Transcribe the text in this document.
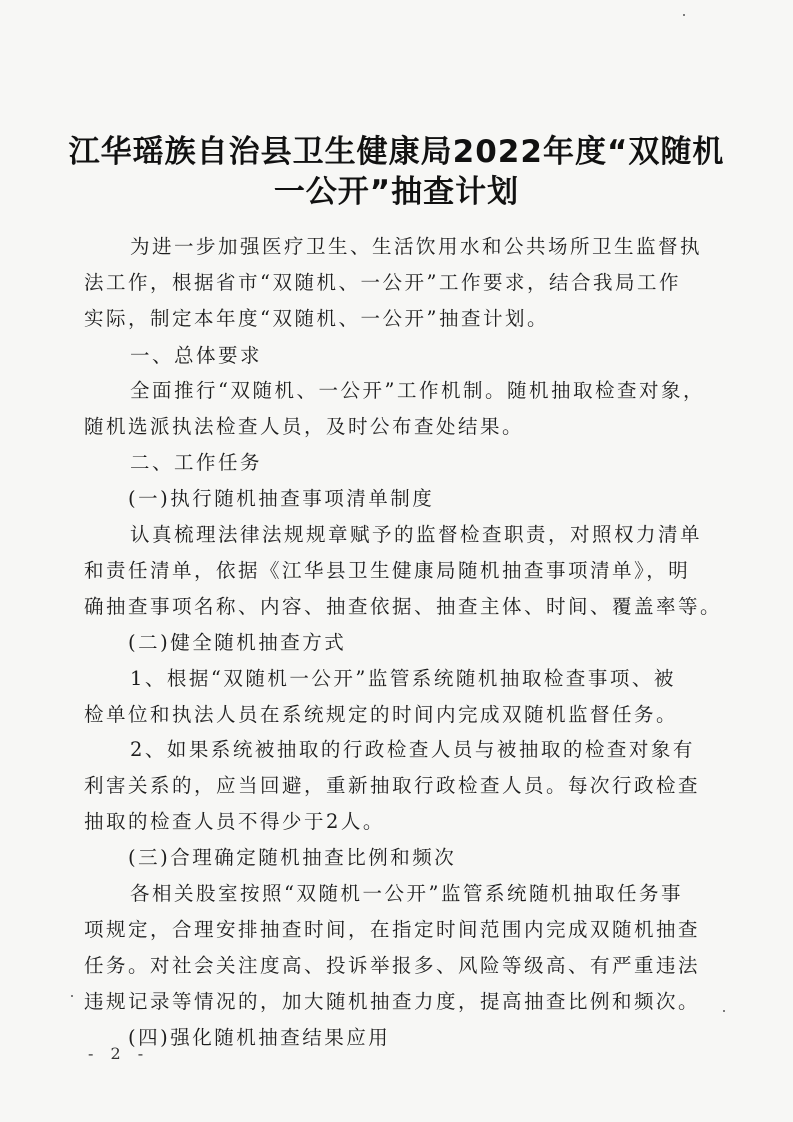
江华瑶族自治县卫生健康局2022年度“双随机
一公开”抽查计划
为进一步加强医疗卫生、生活饮用水和公共场所卫生监督执
法工作，根据省市“双随机、一公开”工作要求，结合我局工作
实际，制定本年度“双随机、一公开”抽查计划。
一、总体要求
全面推行“双随机、一公开”工作机制。随机抽取检查对象，
随机选派执法检查人员，及时公布查处结果。
二、工作任务
(一)执行随机抽查事项清单制度
认真梳理法律法规规章赋予的监督检查职责，对照权力清单
和责任清单，依据《江华县卫生健康局随机抽查事项清单》，明
确抽查事项名称、内容、抽查依据、抽查主体、时间、覆盖率等。
(二)健全随机抽查方式
1、根据“双随机一公开”监管系统随机抽取检查事项、被
检单位和执法人员在系统规定的时间内完成双随机监督任务。
2、如果系统被抽取的行政检查人员与被抽取的检查对象有
利害关系的，应当回避，重新抽取行政检查人员。每次行政检查
抽取的检查人员不得少于2人。
(三)合理确定随机抽查比例和频次
各相关股室按照“双随机一公开”监管系统随机抽取任务事
项规定，合理安排抽查时间，在指定时间范围内完成双随机抽查
任务。对社会关注度高、投诉举报多、风险等级高、有严重违法
违规记录等情况的，加大随机抽查力度，提高抽查比例和频次。
(四)强化随机抽查结果应用
- 2 -
